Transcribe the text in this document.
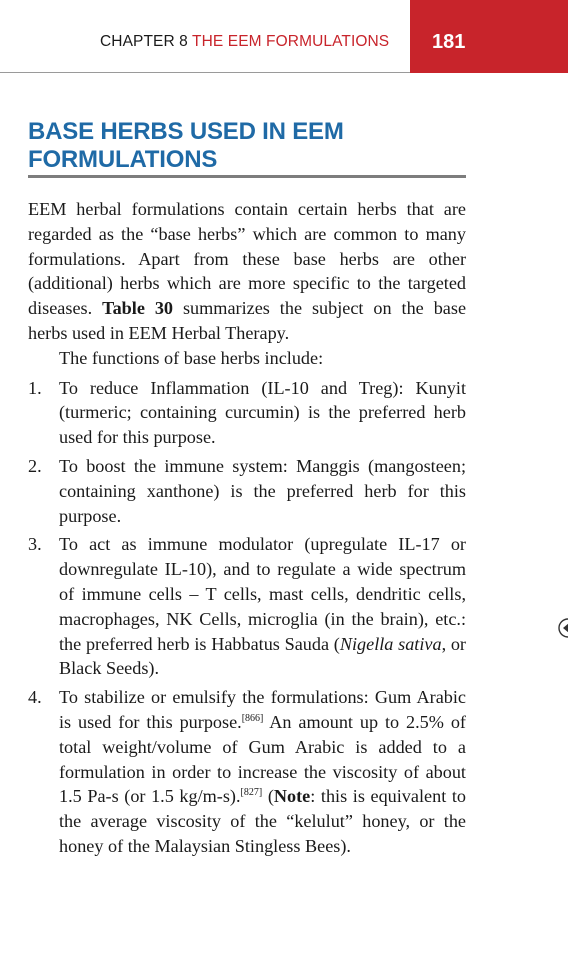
CHAPTER 8 THE EEM FORMULATIONS 181
BASE HERBS USED IN EEM
FORMULATIONS

EEM herbal formulations contain certain herbs that are regarded as the “base herbs” which are common to many formulations. Apart from these base herbs are other (additional) herbs which are more specific to the targeted diseases. Table 30 summarizes the subject on the base herbs used in EEM Herbal Therapy.

The functions of base herbs include:

1. To reduce Inflammation (IL-10 and Treg): Kunyit (turmeric; containing curcumin) is the preferred herb used for this purpose.
2. To boost the immune system: Manggis (mangosteen; containing xanthone) is the preferred herb for this purpose.
3. To act as immune modulator (upregulate IL-17 or downregulate IL-10), and to regulate a wide spectrum of immune cells – T cells, mast cells, dendritic cells, macrophages, NK Cells, microglia (in the brain), etc.: the preferred herb is Habbatus Sauda (Nigella sativa, or Black Seeds).
4. To stabilize or emulsify the formulations: Gum Arabic is used for this purpose.[866] An amount up to 2.5% of total weight/volume of Gum Arabic is added to a formulation in order to increase the viscosity of about 1.5 Pa-s (or 1.5 kg/m-s).[827] (Note: this is equivalent to the average viscosity of the “kelulut” honey, or the honey of the Malaysian Stingless Bees).
